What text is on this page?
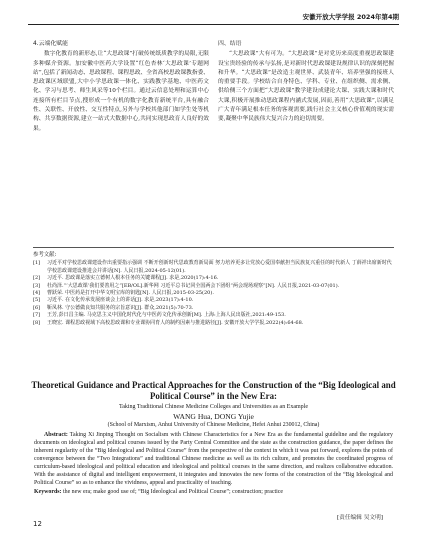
安徽开放大学学报 2024年第4期
4.云端化赋能

数字化教育的新形态,让“大思政课”打破传统纸质教学的局限,无限多种媒介资源。加安徽中医药大学设置“红色杏林‘大思政课’专题网站”,包括了新闻动态、思政课程、课程思政、全省高校思政课教指委、思政课区域联盟,大中小学思政课一体化、实践教学基地、中医药文化、学习与思考、师生风采等10个栏目。通过云信息处理和运算中心连接所有栏目节点,搜形成一个有机的数字化教育新统平台,具有融合性、关联性、开放性、交互性特点,另外与学校其他部门如学生处等机构、共享数据资源,建立一站式大数据中心,共同实现思政育人良好的效果。

四、结语

“大思政课”大有可为。“大思政课”是对党历来高度重视思政课建设宝贵经验的传承与弘扬,是对新时代思政课建设规律认识的深刻把握和升华。“大思政课”是改造主观世界、武装青年、培养坚强的接班人的重要手段。学校结合自身特色、学科、专业、在组织侧、需求侧、供给侧三个方面把“大思政课”教学建设成建论大课、实践大课和时代大课,积极开展推动思政课程内涵式发展,因而,善用“大思政课”,以满足广大青年满足根本任务的客观需要,践行社会主义核心价值观的现实需要,凝聚中华民族伟大复兴合力的迫切需要。

参考文献:
[1] 习近平对学校思政课建设作出重要指示强调 不断开创新时代思政教育新局面 努力培养更多让党放心爱国奉献担当民族复兴重任的时代新人 丁薛祥出席新时代学校思政课建设推进会并讲话[N]. 人民日报,2024-05-12(01).
[2] 习近平. 思政课是落实立德树人根本任务的关键课程[J]. 求是,2020(17):4-16.
[3] 杜尚泽.“‘大思政课’我们要善用之”[EB/OL].新华网 习近平总书记同全国两会下团组“两会现场观察”[N]. 人民日报,2021-03-07(01).
[4] 曹跃荣. 中医药是打开中华文明宝库的钥匙[N]. 人民日报,2015-03-25(20).
[5] 习近平. 在文化传承发展座谈会上的讲话[J]. 求是,2023(17):4-10.
[6] 靳凤林. 守公德做良知共服务的宗旨意识[J]. 群众,2021(5):70-73.
[7] 王芳,彭日昌主编. 马克思主义中国化时代化与中医药文化传承创新[M]. 上海:上海人民出版社,2021:49-153.
[8] 王晓宏. 课程思政视域下高校思政课和专业课协同育人的制约因素与推进路径[J]. 安徽开放大学学报,2022(4):64-68.
Theoretical Guidance and Practical Approaches for the Construction of the “Big Ideological and Political Course” in the New Era:
Taking Traditional Chinese Medicine Colleges and Universities as an Example
WANG Hua, DONG Yujie
(School of Marxism, Anhui University of Chinese Medicine, Hefei Anhui 230012, China)

Abstract: Taking Xi Jinping Thought on Socialism with Chinese Characteristics for a New Era as the fundamental guideline and the regulatory documents on ideological and political courses issued by the Party Central Committee and the state as the construction guidance, the paper defines the inherent regularity of the “Big Ideological and Political Course” from the perspective of the context in which it was put forward, explores the points of convergence between the “Two Integrations” and traditional Chinese medicine as well as its rich culture, and promotes the coordinated progress of curriculum-based ideological and political education and ideological and political courses in the same direction, and realizes collaborative education. With the assistance of digital and intelligent empowerment, it integrates and innovates the new forms of the construction of the “Big Ideological and Political Course” so as to enhance the vividness, appeal and practicality of teaching.

Keywords: the new era; make good use of; “Big Ideological and Political Course”; construction; practice

[责任编辑 吴文明]
12
